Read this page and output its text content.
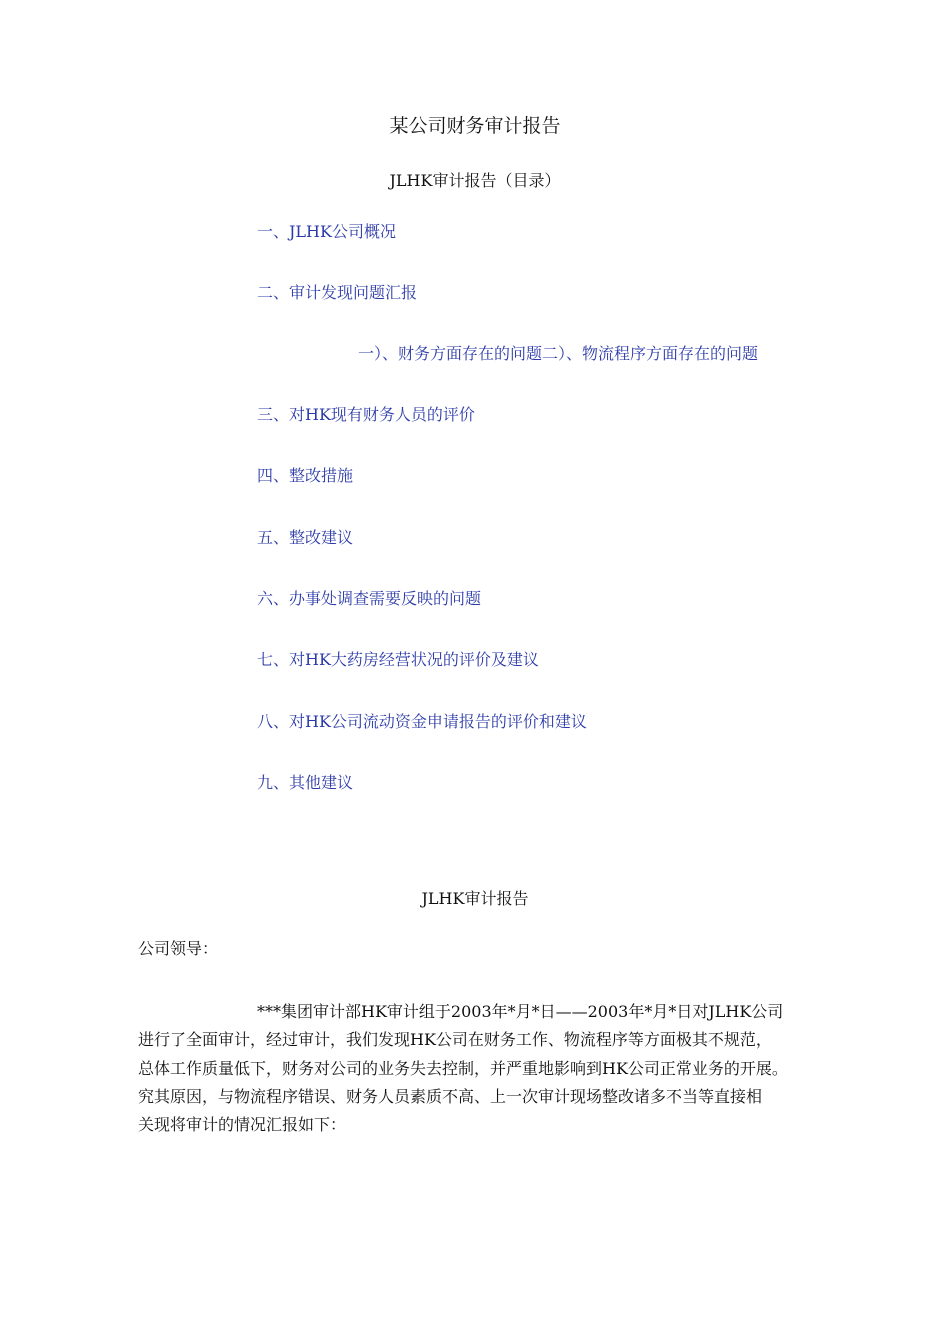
某公司财务审计报告
JLHK审计报告（目录）
一、JLHK公司概况
二、审计发现问题汇报
一）、财务方面存在的问题二）、物流程序方面存在的问题
三、对HK现有财务人员的评价
四、整改措施
五、整改建议
六、办事处调查需要反映的问题
七、对HK大药房经营状况的评价及建议
八、对HK公司流动资金申请报告的评价和建议
九、其他建议
JLHK审计报告
公司领导：
***集团审计部HK审计组于2003年*月*日——2003年*月*日对JLHK公司
进行了全面审计，经过审计，我们发现HK公司在财务工作、物流程序等方面极其不规范，
总体工作质量低下，财务对公司的业务失去控制，并严重地影响到HK公司正常业务的开展。
究其原因，与物流程序错误、财务人员素质不高、上一次审计现场整改诸多不当等直接相
关现将审计的情况汇报如下：
